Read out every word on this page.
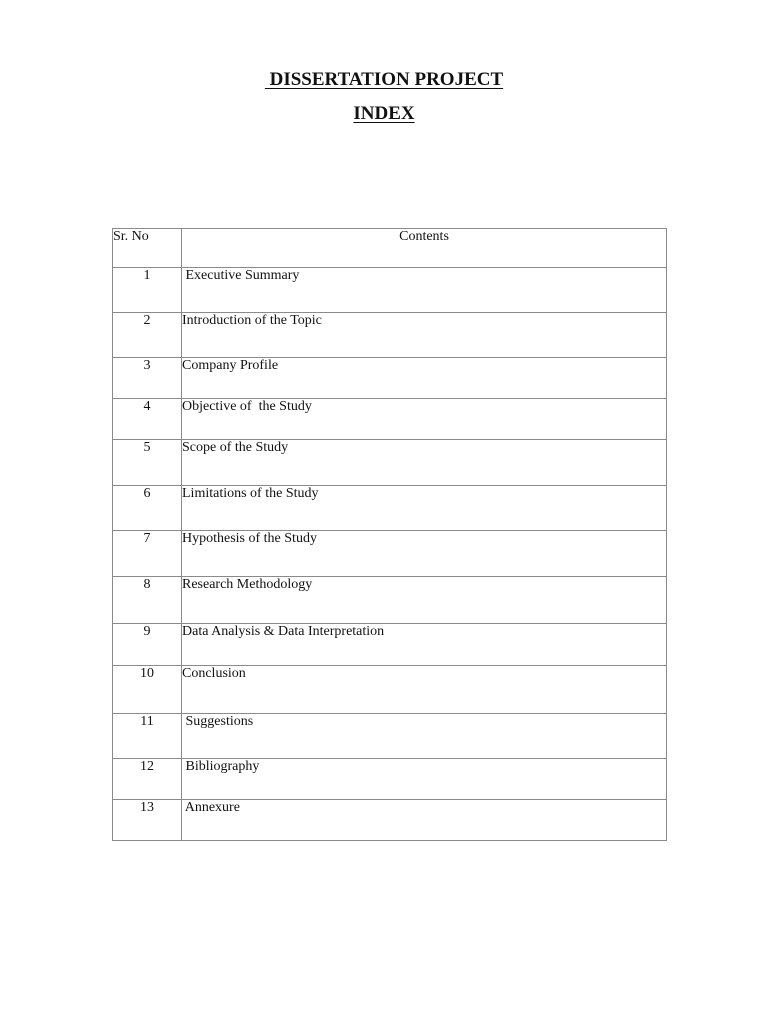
DISSERTATION PROJECT
INDEX
Sr. No	Contents
1	Executive Summary
2	Introduction of the Topic
3	Company Profile
4	Objective of  the Study
5	Scope of the Study
6	Limitations of the Study
7	Hypothesis of the Study
8	Research Methodology
9	Data Analysis & Data Interpretation
10	Conclusion
11	Suggestions
12	Bibliography
13	Annexure
